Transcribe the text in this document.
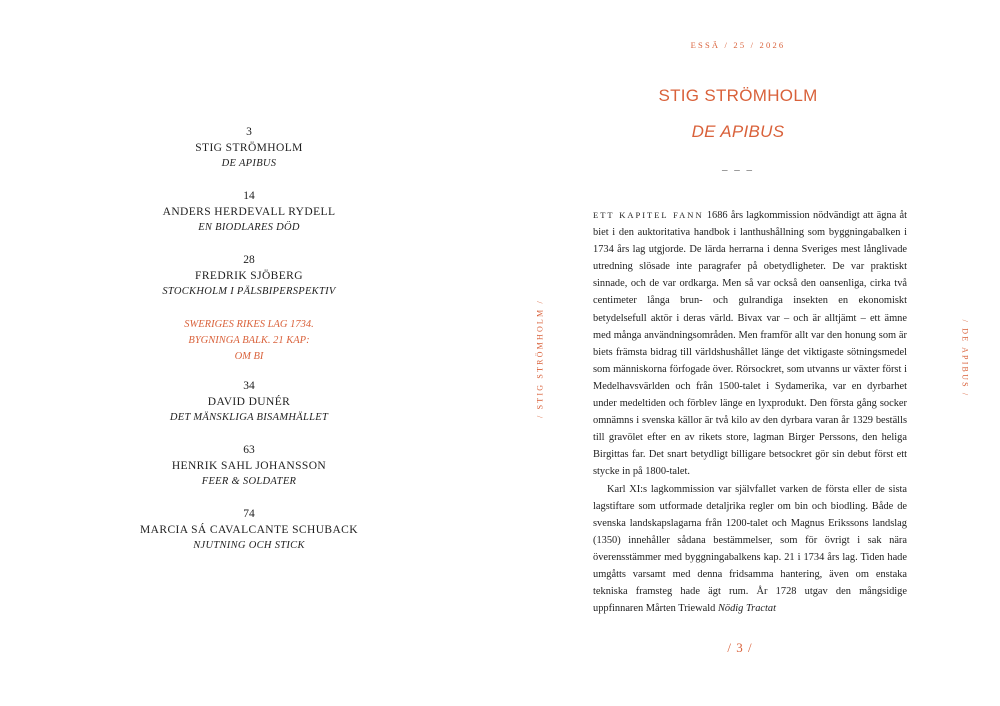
3
STIG STRÖMHOLM
DE APIBUS
14
ANDERS HERDEVALL RYDELL
EN BIODLARES DÖD
28
FREDRIK SJÖBERG
STOCKHOLM I PÄLSBIPERSPEKTIV
SWERIGES RIKES LAG 1734.
BYGNINGA BALK. 21 KAP:
OM BI
34
DAVID DUNÉR
DET MÄNSKLIGA BISAMHÄLLET
63
HENRIK SAHL JOHANSSON
FEER & SOLDATER
74
MARCIA SÁ CAVALCANTE SCHUBACK
NJUTNING OCH STICK
/ STIG STRÖMHOLM /	/ DE APIBUS /
ESSÄ / 25 / 2026
STIG STRÖMHOLM
DE APIBUS
– – –

ETT KAPITEL FANN 1686 års lagkommission nödvändigt att ägna åt biet i den auktoritativa handbok i lanthushållning som byggningabalken i 1734 års lag utgjorde. De lärda herrarna i denna Sveriges mest långlivade utredning slösade inte paragrafer på obetydligheter. De var praktiskt sinnade, och de var ordkarga. Men så var också den oansenliga, cirka två centimeter långa brun- och gulrandiga insekten en ekonomiskt betydelsefull aktör i deras värld. Bivax var – och är alltjämt – ett ämne med många användningsområden. Men framför allt var den honung som är biets främsta bidrag till världshushållet länge det viktigaste sötningsmedel som människorna förfogade över. Rörsockret, som utvanns ur växter först i Medelhavsvärlden och från 1500-talet i Sydamerika, var en dyrbarhet under medeltiden och förblev länge en lyxprodukt. Den första gång socker omnämns i svenska källor är två kilo av den dyrbara varan år 1329 beställs till gravölet efter en av rikets store, lagman Birger Perssons, den heliga Birgittas far. Det snart betydligt billigare betsockret gör sin debut först ett stycke in på 1800-talet.

Karl XI:s lagkommission var självfallet varken de första eller de sista lagstiftare som utformade detaljrika regler om bin och biodling. Både de svenska landskapslagarna från 1200-talet och Magnus Erikssons landslag (1350) innehåller sådana bestämmelser, som för övrigt i sak nära överensstämmer med byggningabalkens kap. 21 i 1734 års lag. Tiden hade umgåtts varsamt med denna fridsamma hantering, även om enstaka tekniska framsteg hade ägt rum. År 1728 utgav den mångsidige uppfinnaren Mårten Triewald Nödig Tractat

/ 3 /
